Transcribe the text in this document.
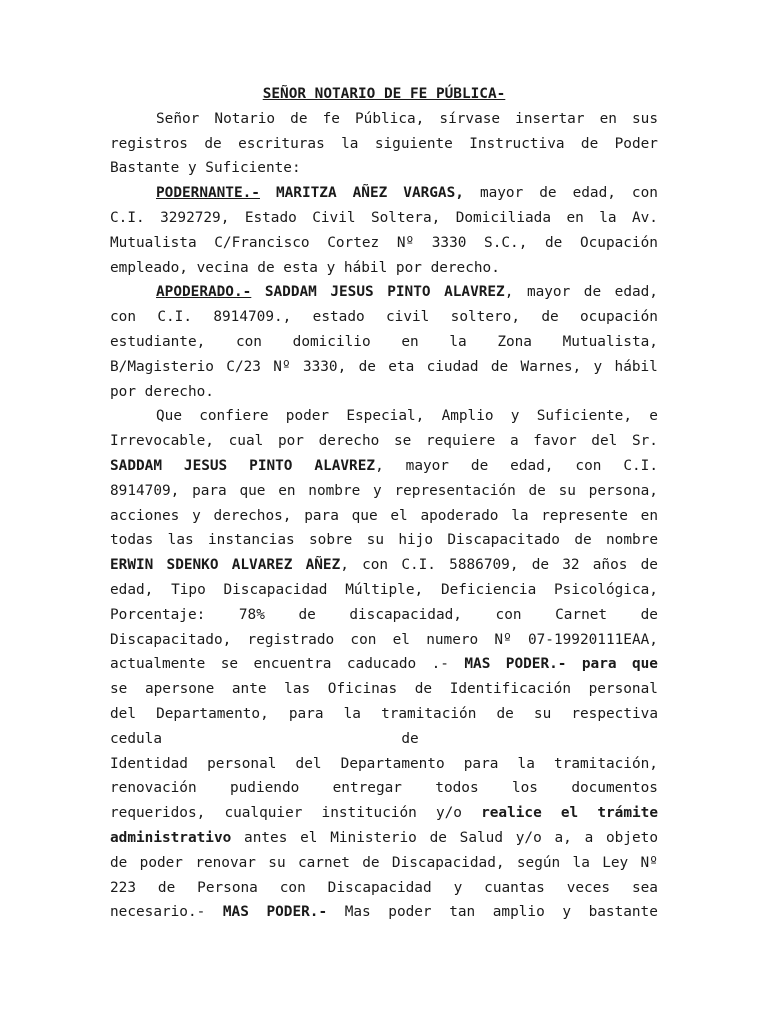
SEÑOR NOTARIO DE FE PÚBLICA-

Señor Notario de fe Pública, sírvase insertar en sus
registros de escrituras la siguiente Instructiva de Poder
Bastante y Suficiente:
PODERNANTE.- MARITZA AÑEZ VARGAS, mayor de edad, con
C.I. 3292729, Estado Civil Soltera, Domiciliada en la Av.
Mutualista C/Francisco Cortez Nº 3330 S.C., de Ocupación
empleado, vecina de esta y hábil por derecho.
APODERADO.- SADDAM JESUS PINTO ALAVREZ, mayor de edad,
con C.I. 8914709., estado civil soltero, de ocupación
estudiante, con domicilio en la Zona Mutualista,
B/Magisterio C/23 Nº 3330, de eta ciudad de Warnes, y hábil
por derecho.
Que confiere poder Especial, Amplio y Suficiente, e
Irrevocable, cual por derecho se requiere a favor del Sr.
SADDAM JESUS PINTO ALAVREZ, mayor de edad, con C.I.
8914709, para que en nombre y representación de su persona,
acciones y derechos, para que el apoderado la represente en
todas las instancias sobre su hijo Discapacitado de nombre
ERWIN SDENKO ALVAREZ AÑEZ, con C.I. 5886709, de 32 años de
edad, Tipo Discapacidad Múltiple, Deficiencia Psicológica,
Porcentaje: 78% de discapacidad, con Carnet de
Discapacitado, registrado con el numero Nº 07-19920111EAA,
actualmente se encuentra caducado .- MAS PODER.- para que
se apersone ante las Oficinas de Identificación personal
del Departamento, para la tramitación de su respectiva
cedula	de
Identidad personal del Departamento para la tramitación,
renovación pudiendo entregar todos los documentos
requeridos, cualquier institución y/o realice el trámite
administrativo antes el Ministerio de Salud y/o a, a objeto
de poder renovar su carnet de Discapacidad, según la Ley Nº
223 de Persona con Discapacidad y cuantas veces sea
necesario.- MAS PODER.- Mas poder tan amplio y bastante
